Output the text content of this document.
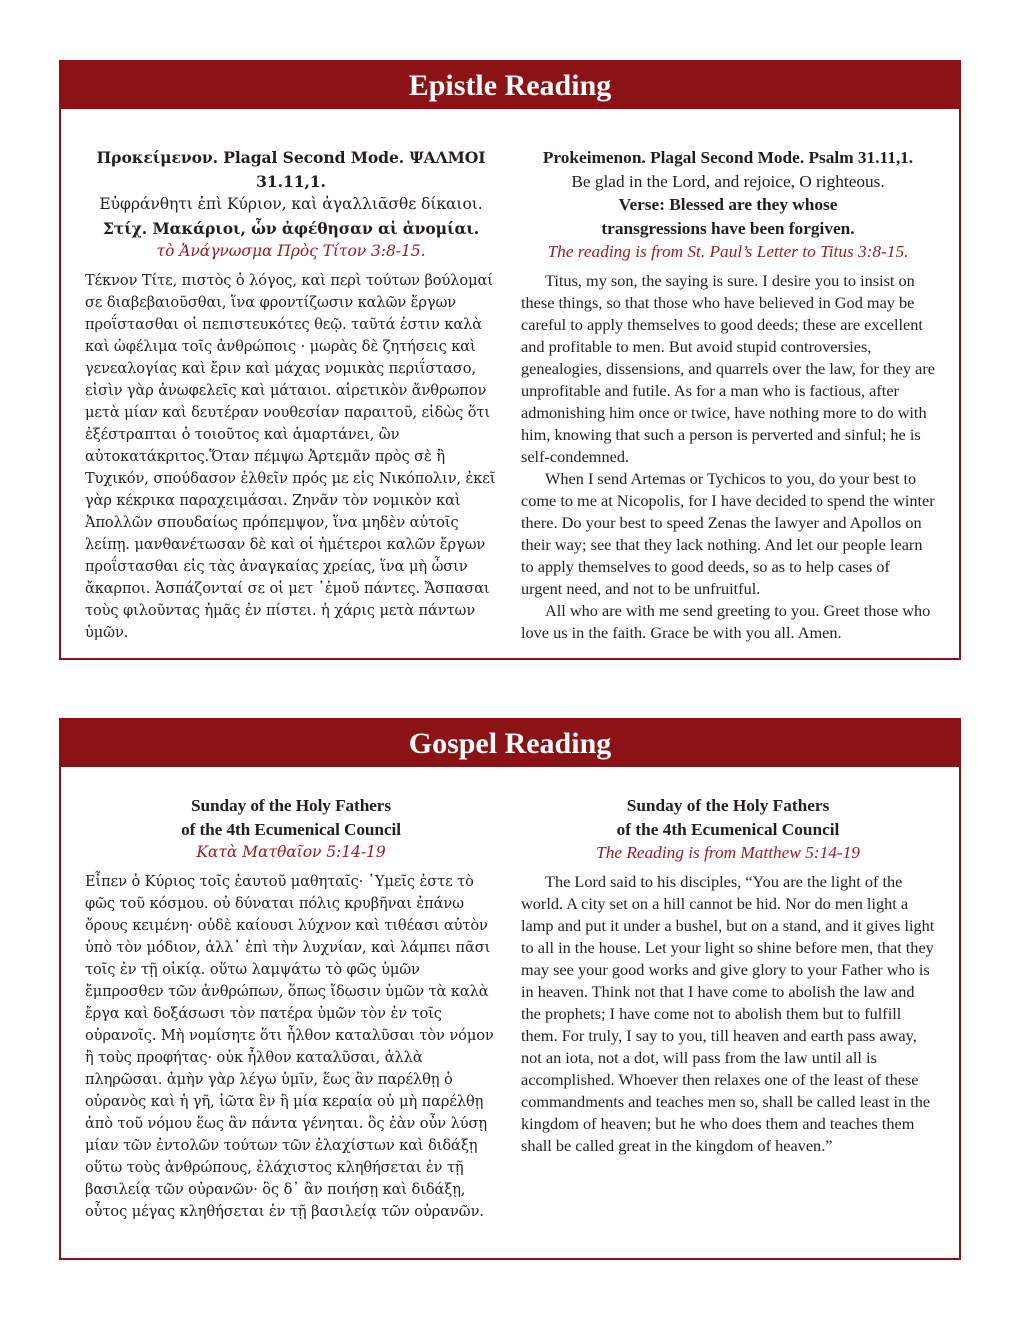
Epistle Reading
Προκείμενον. Plagal Second Mode. ΨΑΛΜΟΙ 31.11,1.
Εὐφράνθητι ἐπὶ Κύριον, καὶ ἀγαλλιᾶσθε δίκαιοι.
Στίχ. Μακάριοι, ὧν ἀφέθησαν αἱ ἀνομίαι.
τὸ Ἀνάγνωσμα Πρὸς Τίτον 3:8-15.

Τέκνον Τίτε, πιστὸς ὁ λόγος, καὶ περὶ τούτων βούλομαί σε διαβεβαιοῦσθαι, ἵνα φροντίζωσιν καλῶν ἔργων προΐστασθαι οἱ πεπιστευκότες θεῷ. ταῦτά ἐστιν καλὰ καὶ ὠφέλιμα τοῖς ἀνθρώποις · μωρὰς δὲ ζητήσεις καὶ γενεαλογίας καὶ ἔριν καὶ μάχας νομικὰς περιΐστασο, εἰσὶν γὰρ ἀνωφελεῖς καὶ μάταιοι. αἱρετικὸν ἄνθρωπον μετὰ μίαν καὶ δευτέραν νουθεσίαν παραιτοῦ, εἰδὼς ὅτι ἐξέστραπται ὁ τοιοῦτος καὶ ἁμαρτάνει, ὢν αὐτοκατάκριτος.Ὅταν πέμψω Ἀρτεμᾶν πρὸς σὲ ἢ Τυχικόν, σπούδασον ἐλθεῖν πρός με εἰς Νικόπολιν, ἐκεῖ γὰρ κέκρικα παραχειμάσαι. Ζηνᾶν τὸν νομικὸν καὶ Ἀπολλῶν σπουδαίως πρόπεμψον, ἵνα μηδὲν αὐτοῖς λείπῃ. μανθανέτωσαν δὲ καὶ οἱ ἡμέτεροι καλῶν ἔργων προΐστασθαι εἰς τὰς ἀναγκαίας χρείας, ἵνα μὴ ὦσιν ἄκαρποι. Ἀσπάζονταί σε οἱ μετ ᾽ἐμοῦ πάντες. Ἄσπασαι τοὺς φιλοῦντας ἡμᾶς ἐν πίστει. ἡ χάρις μετὰ πάντων ὑμῶν.

Prokeimenon. Plagal Second Mode. Psalm 31.11,1.
Be glad in the Lord, and rejoice, O righteous.
Verse: Blessed are they whose
transgressions have been forgiven.
The reading is from St. Paul’s Letter to Titus 3:8-15.

Titus, my son, the saying is sure. I desire you to insist on these things, so that those who have believed in God may be careful to apply themselves to good deeds; these are excellent and profitable to men. But avoid stupid controversies, genealogies, dissensions, and quarrels over the law, for they are unprofitable and futile. As for a man who is factious, after admonishing him once or twice, have nothing more to do with him, knowing that such a person is perverted and sinful; he is self-condemned.

When I send Artemas or Tychicos to you, do your best to come to me at Nicopolis, for I have decided to spend the winter there. Do your best to speed Zenas the lawyer and Apollos on their way; see that they lack nothing. And let our people learn to apply themselves to good deeds, so as to help cases of urgent need, and not to be unfruitful.

All who are with me send greeting to you. Greet those who love us in the faith. Grace be with you all. Amen.

Gospel Reading
Sunday of the Holy Fathers
of the 4th Ecumenical Council
Κατὰ Ματθαῖον 5:14-19

Εἶπεν ὁ Κύριος τοῖς ἑαυτοῦ μαθηταῖς· ῾Υμεῖς ἐστε τὸ φῶς τοῦ κόσμου. οὐ δύναται πόλις κρυβῆναι ἐπάνω ὄρους κειμένη· οὐδὲ καίουσι λύχνον καὶ τιθέασι αὐτὸν ὑπὸ τὸν μόδιον, ἀλλ᾽ ἐπὶ τὴν λυχνίαν, καὶ λάμπει πᾶσι τοῖς ἐν τῇ οἰκίᾳ. οὕτω λαμψάτω τὸ φῶς ὑμῶν ἔμπροσθεν τῶν ἀνθρώπων, ὅπως ἴδωσιν ὑμῶν τὰ καλὰ ἔργα καὶ δοξάσωσι τὸν πατέρα ὑμῶν τὸν ἐν τοῖς οὐρανοῖς. Μὴ νομίσητε ὅτι ἦλθον καταλῦσαι τὸν νόμον ἢ τοὺς προφήτας· οὐκ ἦλθον καταλῦσαι, ἀλλὰ πληρῶσαι. ἀμὴν γὰρ λέγω ὑμῖν, ἕως ἂν παρέλθῃ ὁ οὐρανὸς καὶ ἡ γῆ, ἰῶτα ἓν ἢ μία κεραία οὐ μὴ παρέλθῃ ἀπὸ τοῦ νόμου ἕως ἂν πάντα γένηται. ὃς ἐὰν οὖν λύσῃ μίαν τῶν ἐντολῶν τούτων τῶν ἐλαχίστων καὶ διδάξῃ οὕτω τοὺς ἀνθρώπους, ἐλάχιστος κληθήσεται ἐν τῇ βασιλείᾳ τῶν οὐρανῶν· ὃς δ᾽ ἂν ποιήσῃ καὶ διδάξῃ, οὗτος μέγας κληθήσεται ἐν τῇ βασιλείᾳ τῶν οὐρανῶν.

Sunday of the Holy Fathers
of the 4th Ecumenical Council
The Reading is from Matthew 5:14-19

The Lord said to his disciples, “You are the light of the world. A city set on a hill cannot be hid. Nor do men light a lamp and put it under a bushel, but on a stand, and it gives light to all in the house. Let your light so shine before men, that they may see your good works and give glory to your Father who is in heaven. Think not that I have come to abolish the law and the prophets; I have come not to abolish them but to fulfill them. For truly, I say to you, till heaven and earth pass away, not an iota, not a dot, will pass from the law until all is accomplished. Whoever then relaxes one of the least of these commandments and teaches men so, shall be called least in the kingdom of heaven; but he who does them and teaches them shall be called great in the kingdom of heaven.”
